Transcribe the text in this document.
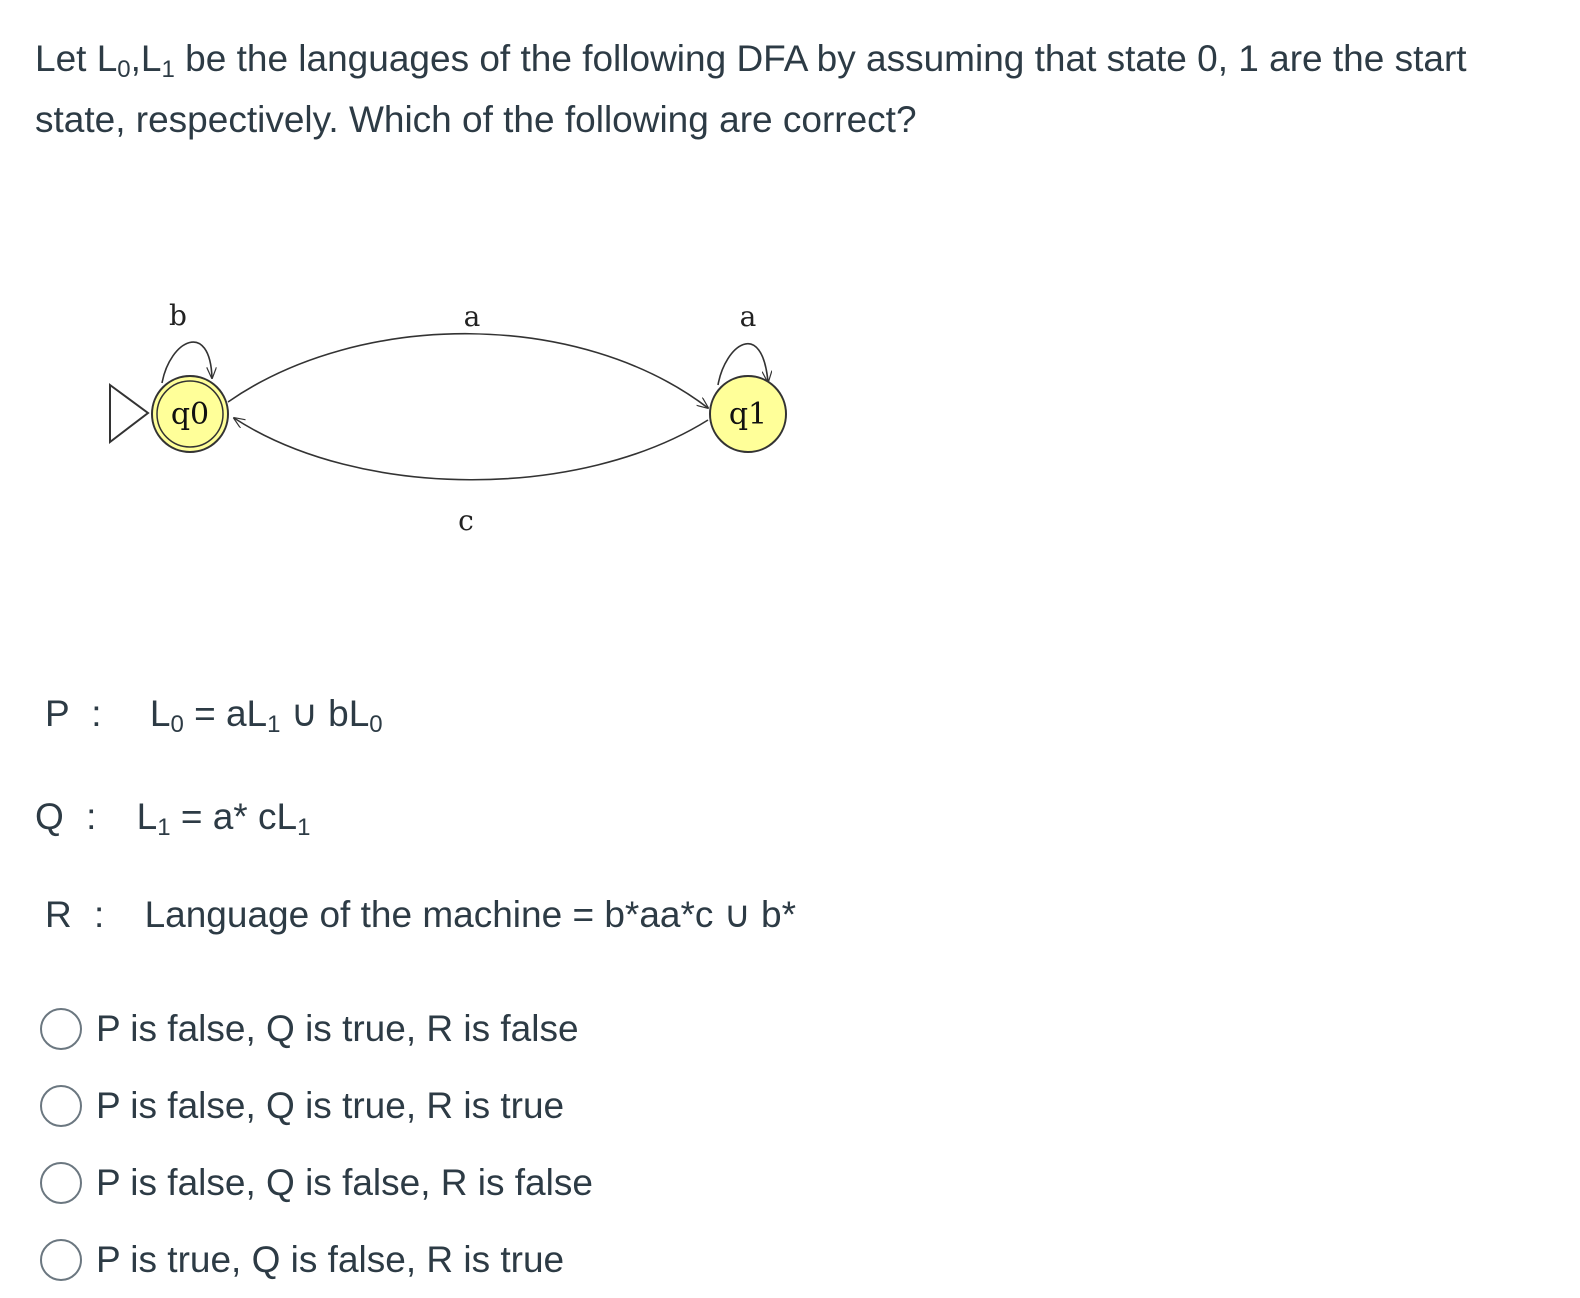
Let $L_0,L_1$ be the languages of the following DFA by assuming that state 0, 1 are the start state, respectively. Which of the following are correct?

b	a	a
c
q0	q1
P : $L_0 = aL_1$ ∪ $bL_0$
Q : $L_1 = a*$ $cL_1$
R : Language of the machine = b*aa*c ∪ b*
P is false, Q is true, R is false
P is false, Q is true, R is true
P is false, Q is false, R is false
P is true, Q is false, R is true
